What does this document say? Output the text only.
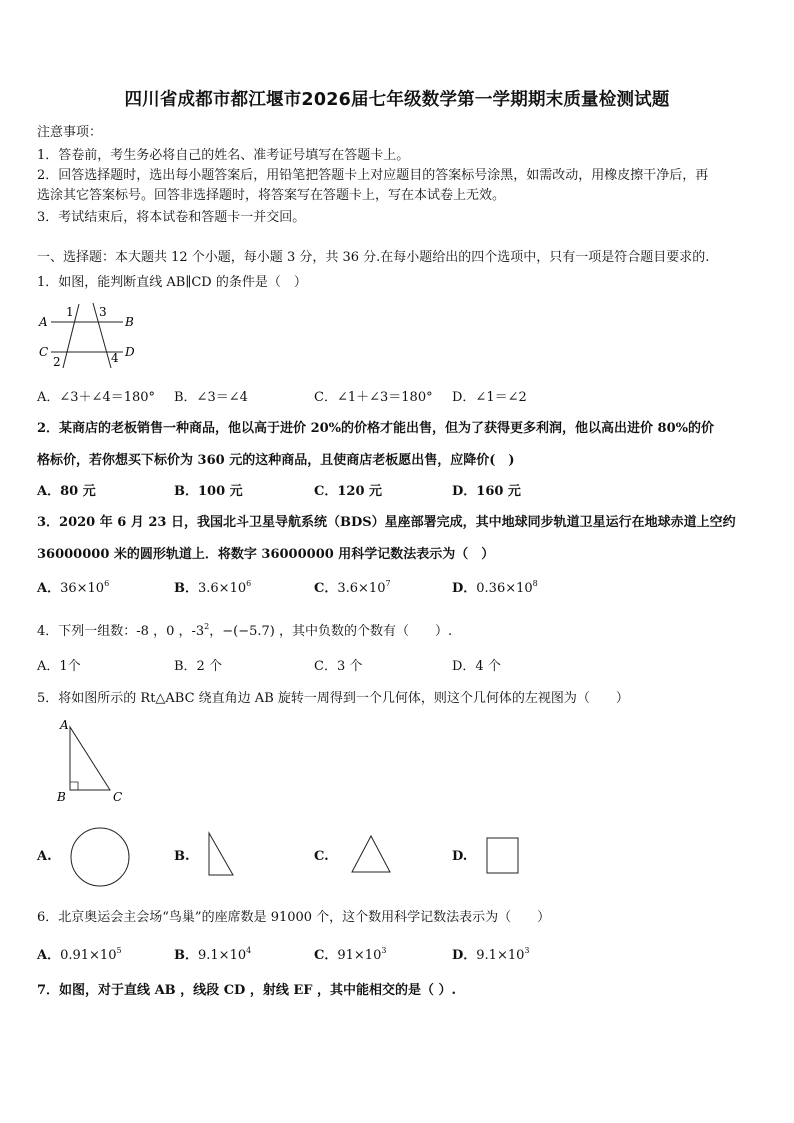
四川省成都市都江堰市2026届七年级数学第一学期期末质量检测试题
注意事项：
1．答卷前，考生务必将自己的姓名、准考证号填写在答题卡上。
2．回答选择题时，选出每小题答案后，用铅笔把答题卡上对应题目的答案标号涂黑，如需改动，用橡皮擦干净后，再
选涂其它答案标号。回答非选择题时，将答案写在答题卡上，写在本试卷上无效。
3．考试结束后，将本试卷和答题卡一并交回。
一、选择题：本大题共 12 个小题，每小题 3 分，共 36 分.在每小题给出的四个选项中，只有一项是符合题目要求的.
1．如图，能判断直线 AB∥CD 的条件是（　）
A	B
C	D
1 3
2	4
A．∠3＋∠4＝180° B．∠3＝∠4	C．∠1＋∠3＝180° D．∠1＝∠2
2．某商店的老板销售一种商品，他以高于进价 20%的价格才能出售，但为了获得更多利润，他以高出进价 80%的价
格标价，若你想买下标价为 360 元的这种商品，且使商店老板愿出售，应降价(　)
A．80 元	B．100 元	C．120 元	D．160 元
3．2020 年 6 月 23 日，我国北斗卫星导航系统（BDS）星座部署完成，其中地球同步轨道卫星运行在地球赤道上空约
36000000 米的圆形轨道上．将数字 36000000 用科学记数法表示为（　）
A．$36\times 10^6$	B．$3.6\times 10^6$	C．$3.6\times 10^7$	D．$0.36\times 10^8$
4．下列一组数：-8 ，0 ，$-3^2$，−(−5.7) ，其中负数的个数有（　　）.
A．1个	B．2 个	C．3 个	D．4 个
5．将如图所示的 Rt△ABC 绕直角边 AB 旋转一周得到一个几何体，则这个几何体的左视图为（　　）
A
B	C
A.	B.	C.	D.
6．北京奥运会主会场“鸟巢”的座席数是 91000 个，这个数用科学记数法表示为（　　）
A．$0.91\times 10^5$	B．$9.1\times 10^4$	C．$91\times 10^3$	D．$9.1\times 10^3$
7．如图，对于直线 AB ，线段 CD ，射线 EF ，其中能相交的是（ ）.
